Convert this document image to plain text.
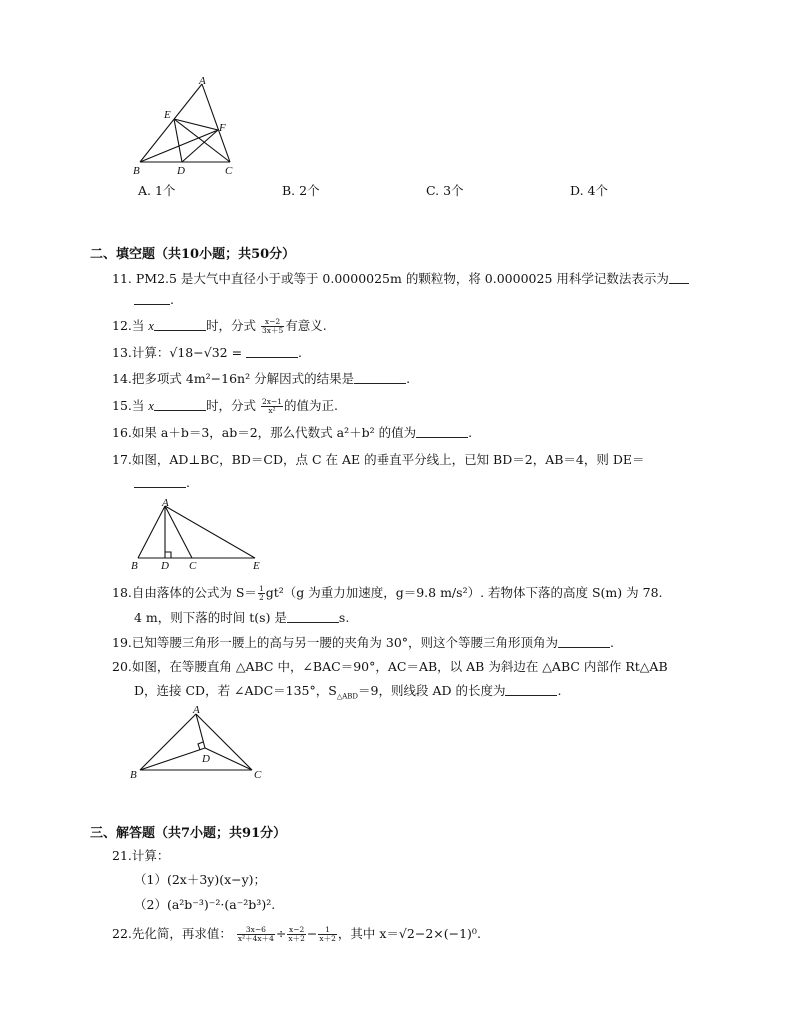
A
E
F
B	D	C
A. 1个	B. 2个	C. 3个	D. 4个
二、填空题（共10小题；共50分）
11. PM2.5 是大气中直径小于或等于 0.0000025m 的颗粒物，将 0.0000025 用科学记数法表示为
.
12.当 x	时，分式 $\frac{x-2}{3x+5}$ 有意义.
13.计算：√18−√32 =	.
14.把多项式 4m²−16n² 分解因式的结果是	.
15.当 x	时，分式 $\frac{2x-1}{\text{x²}}$ 的值为正.
16.如果 a＋b＝3，ab＝2，那么代数式 a²＋b² 的值为	.
17.如图，AD⊥BC，BD＝CD，点 C 在 AE 的垂直平分线上，已知 BD＝2，AB＝4，则 DE＝
.
A
B D C	E
18.自由落体的公式为 $S= \frac{1}{2} gt^2(g$ 为重力加速度，g＝9.8 m/s²）. 若物体下落的高度 S(m) 为 78.
4 m，则下落的时间 t(s) 是	s.
19.已知等腰三角形一腰上的高与另一腰的夹角为 30°，则这个等腰三角形顶角为	.
20.如图，在等腰直角 △ABC 中，∠BAC＝90°，AC＝AB，以 AB 为斜边在 △ABC 内部作 Rt△AB
D，连接 CD，若 ∠ADC＝135°，$S_{\triangle ABD}=9$，则线段 AD 的长度为	.
A
D
B	C
三、解答题（共7小题；共91分）
21.计算：
（1）(2x＋3y)(x−y)；
（2）(a²b⁻³)⁻²·(a⁻²b³)².
22.先化简，再求值： $\frac{3x-6}{\text{x²＋4x＋4}} \div \frac{x-2}{x+2} - \frac{1}{x+2}$ ，其中 x＝√2−2×(−1)⁰.
